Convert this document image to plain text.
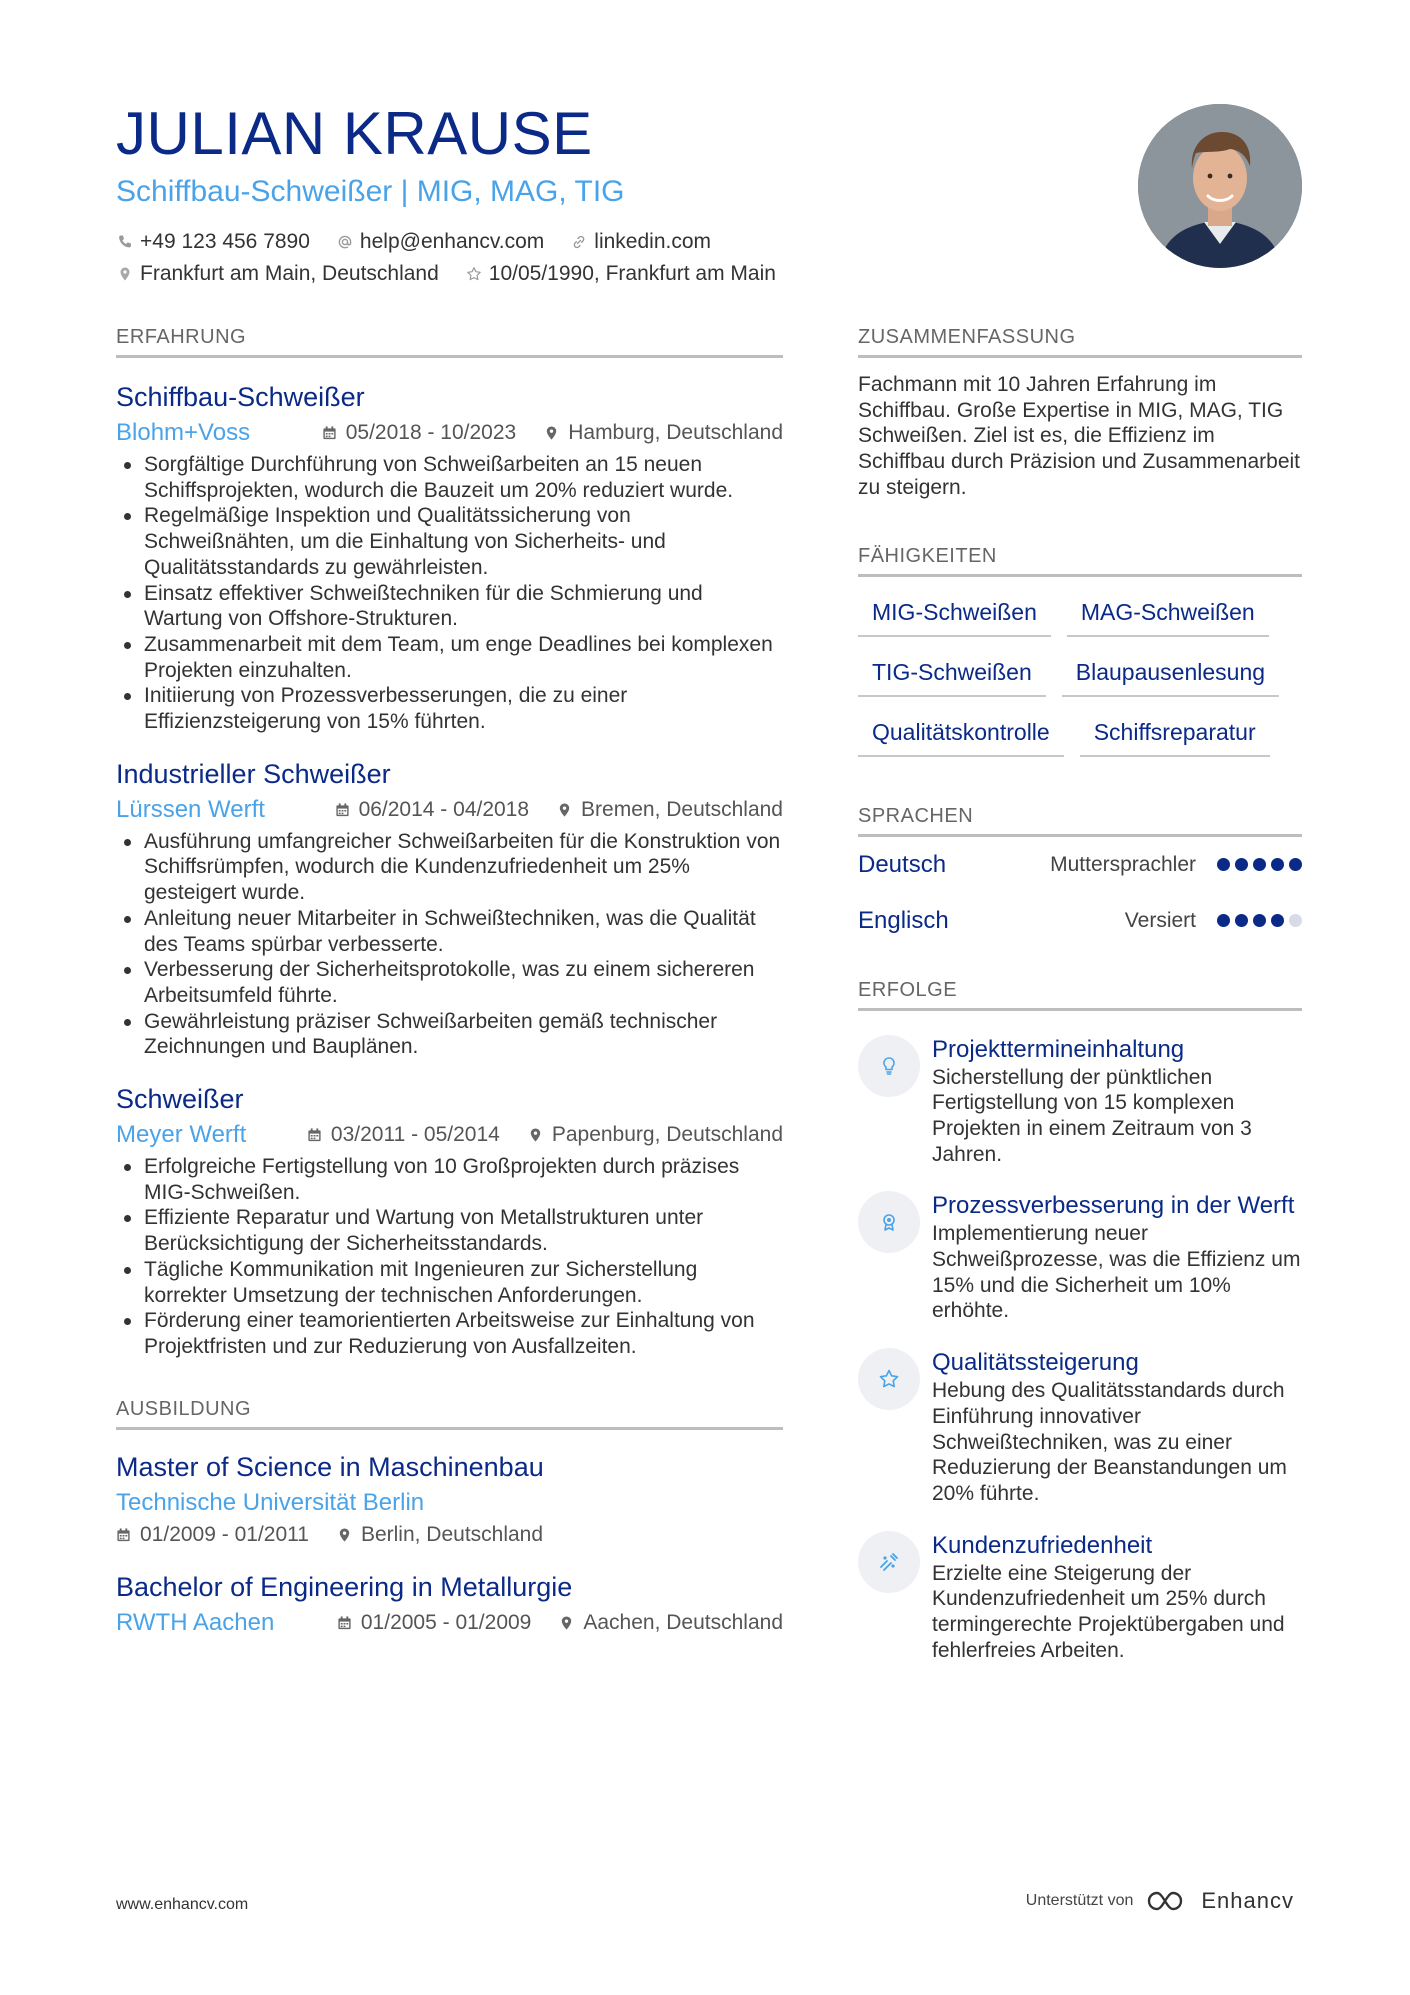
JULIAN KRAUSE
Schiffbau-Schweißer | MIG, MAG, TIG
+49 123 456 7890 help@enhancv.com linkedin.com
Frankfurt am Main, Deutschland 10/05/1990, Frankfurt am Main
ERFAHRUNG
Schiffbau-Schweißer
Blohm+Voss	05/2018 - 10/2023 Hamburg, Deutschland
Sorgfältige Durchführung von Schweißarbeiten an 15 neuen Schiffsprojekten, wodurch die Bauzeit um 20% reduziert wurde.
Regelmäßige Inspektion und Qualitätssicherung von Schweißnähten, um die Einhaltung von Sicherheits- und Qualitätsstandards zu gewährleisten.
Einsatz effektiver Schweißtechniken für die Schmierung und Wartung von Offshore-Strukturen.
Zusammenarbeit mit dem Team, um enge Deadlines bei komplexen Projekten einzuhalten.
Initiierung von Prozessverbesserungen, die zu einer Effizienzsteigerung von 15% führten.
Industrieller Schweißer
Lürssen Werft	06/2014 - 04/2018 Bremen, Deutschland
Ausführung umfangreicher Schweißarbeiten für die Konstruktion von Schiffsrümpfen, wodurch die Kundenzufriedenheit um 25% gesteigert wurde.
Anleitung neuer Mitarbeiter in Schweißtechniken, was die Qualität des Teams spürbar verbesserte.
Verbesserung der Sicherheitsprotokolle, was zu einem sichereren Arbeitsumfeld führte.
Gewährleistung präziser Schweißarbeiten gemäß technischer Zeichnungen und Bauplänen.
Schweißer
Meyer Werft	03/2011 - 05/2014 Papenburg, Deutschland
Erfolgreiche Fertigstellung von 10 Großprojekten durch präzises MIG-Schweißen.
Effiziente Reparatur und Wartung von Metallstrukturen unter Berücksichtigung der Sicherheitsstandards.
Tägliche Kommunikation mit Ingenieuren zur Sicherstellung korrekter Umsetzung der technischen Anforderungen.
Förderung einer teamorientierten Arbeitsweise zur Einhaltung von Projektfristen und zur Reduzierung von Ausfallzeiten.
AUSBILDUNG
Master of Science in Maschinenbau
Technische Universität Berlin
01/2009 - 01/2011 Berlin, Deutschland
Bachelor of Engineering in Metallurgie
RWTH Aachen	01/2005 - 01/2009 Aachen, Deutschland
ZUSAMMENFASSUNG
Fachmann mit 10 Jahren Erfahrung im Schiffbau. Große Expertise in MIG, MAG, TIG Schweißen. Ziel ist es, die Effizienz im Schiffbau durch Präzision und Zusammenarbeit zu steigern.
FÄHIGKEITEN
MIG-Schweißen	MAG-Schweißen
TIG-Schweißen	Blaupausenlesung
Qualitätskontrolle	Schiffsreparatur
SPRACHEN
Deutsch	Muttersprachler
Englisch	Versiert
ERFOLGE
Projekttermineinhaltung
Sicherstellung der pünktlichen Fertigstellung von 15 komplexen Projekten in einem Zeitraum von 3 Jahren.
Prozessverbesserung in der Werft
Implementierung neuer Schweißprozesse, was die Effizienz um 15% und die Sicherheit um 10% erhöhte.
Qualitätssteigerung
Hebung des Qualitätsstandards durch Einführung innovativer Schweißtechniken, was zu einer Reduzierung der Beanstandungen um 20% führte.
Kundenzufriedenheit
Erzielte eine Steigerung der Kundenzufriedenheit um 25% durch termingerechte Projektübergaben und fehlerfreies Arbeiten.
www.enhancv.com	Unterstützt von	Enhancv
